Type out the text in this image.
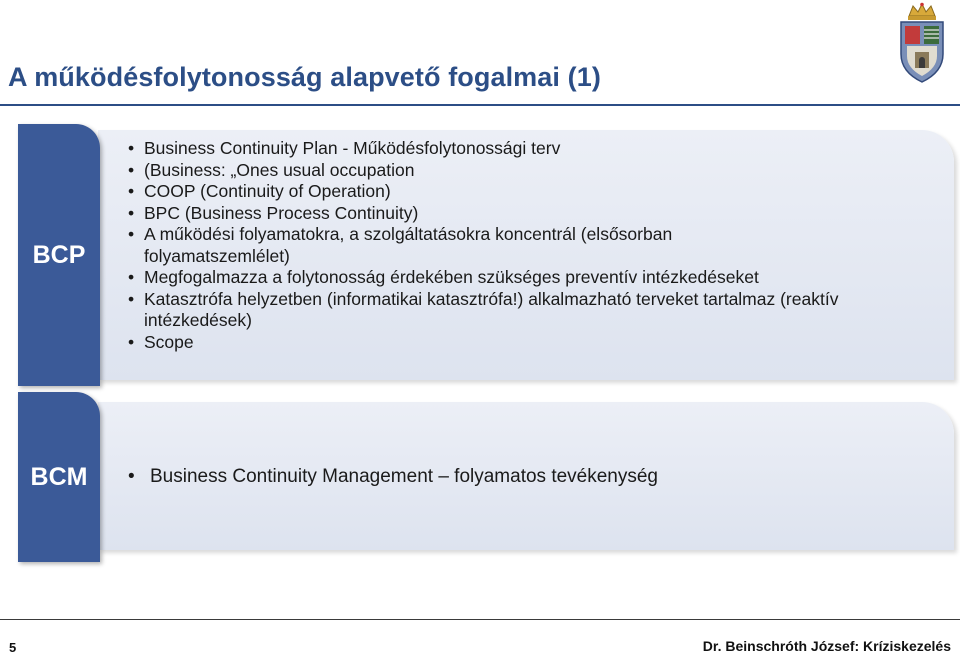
A működésfolytonosság alapvető fogalmai (1)
BCP
• Business Continuity Plan - Működésfolytonossági terv
• (Business: „Ones usual occupation
• COOP (Continuity of Operation)
• BPC (Business Process Continuity)
• A működési folyamatokra, a szolgáltatásokra koncentrál (elsősorban folyamatszemlélet)
• Megfogalmazza a folytonosság érdekében szükséges preventív intézkedéseket
• Katasztrófa helyzetben (informatikai katasztrófa!) alkalmazható terveket tartalmaz (reaktív intézkedések)
• Scope
BCM
•	Business Continuity Management – folyamatos tevékenység
5	Dr. Beinschróth József: Kríziskezelés
